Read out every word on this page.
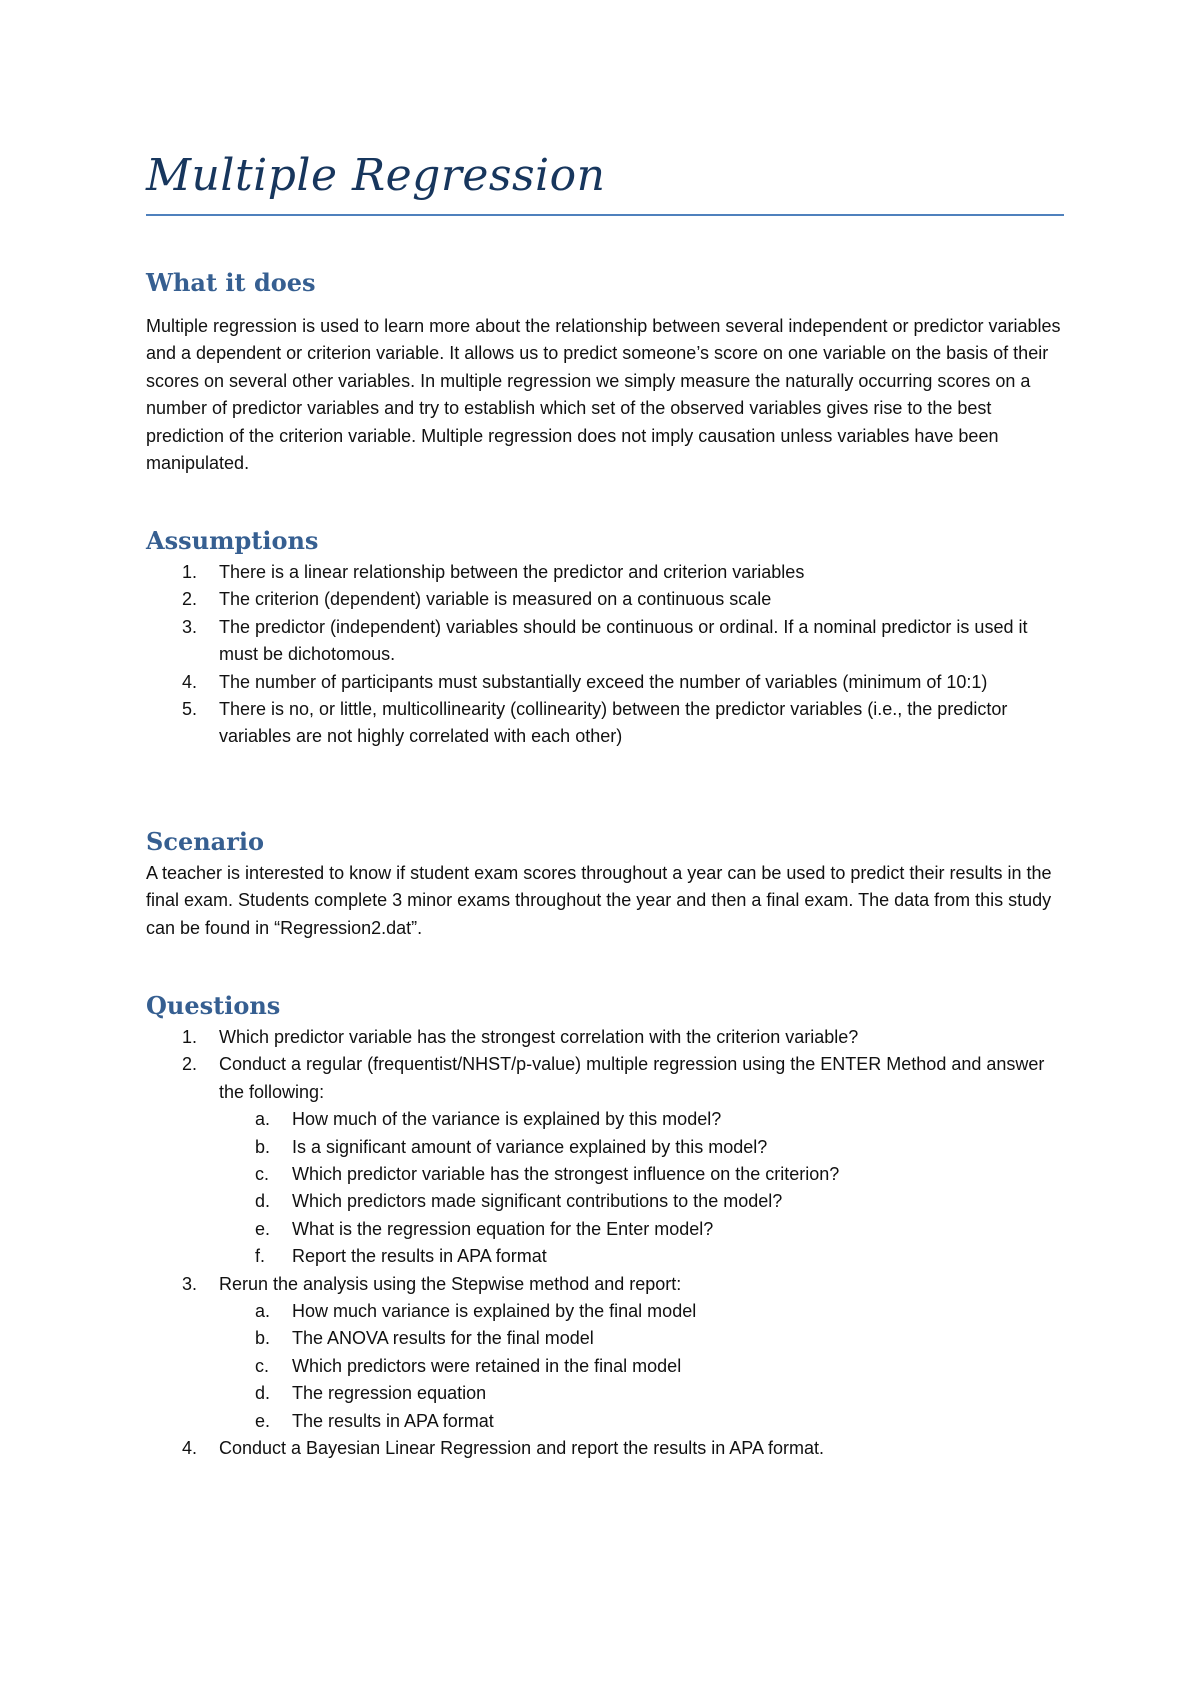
Multiple Regression
What it does

Multiple regression is used to learn more about the relationship between several independent or predictor variables and a dependent or criterion variable. It allows us to predict someone’s score on one variable on the basis of their scores on several other variables. In multiple regression we simply measure the naturally occurring scores on a number of predictor variables and try to establish which set of the observed variables gives rise to the best prediction of the criterion variable. Multiple regression does not imply causation unless variables have been manipulated.

Assumptions
1.	There is a linear relationship between the predictor and criterion variables
2.	The criterion (dependent) variable is measured on a continuous scale
3.	The predictor (independent) variables should be continuous or ordinal. If a nominal predictor is used it must be dichotomous.
4.	The number of participants must substantially exceed the number of variables (minimum of 10:1)
5.	There is no, or little, multicollinearity (collinearity) between the predictor variables (i.e., the predictor variables are not highly correlated with each other)
Scenario

A teacher is interested to know if student exam scores throughout a year can be used to predict their results in the final exam. Students complete 3 minor exams throughout the year and then a final exam. The data from this study can be found in “Regression2.dat”.

Questions
1.	Which predictor variable has the strongest correlation with the criterion variable?
2.	Conduct a regular (frequentist/NHST/p-value) multiple regression using the ENTER Method and answer the following:
a.	How much of the variance is explained by this model?
b.	Is a significant amount of variance explained by this model?
c.	Which predictor variable has the strongest influence on the criterion?
d.	Which predictors made significant contributions to the model?
e.	What is the regression equation for the Enter model?
f.	Report the results in APA format
3.	Rerun the analysis using the Stepwise method and report:
a.	How much variance is explained by the final model
b.	The ANOVA results for the final model
c.	Which predictors were retained in the final model
d.	The regression equation
e.	The results in APA format
4.	Conduct a Bayesian Linear Regression and report the results in APA format.
